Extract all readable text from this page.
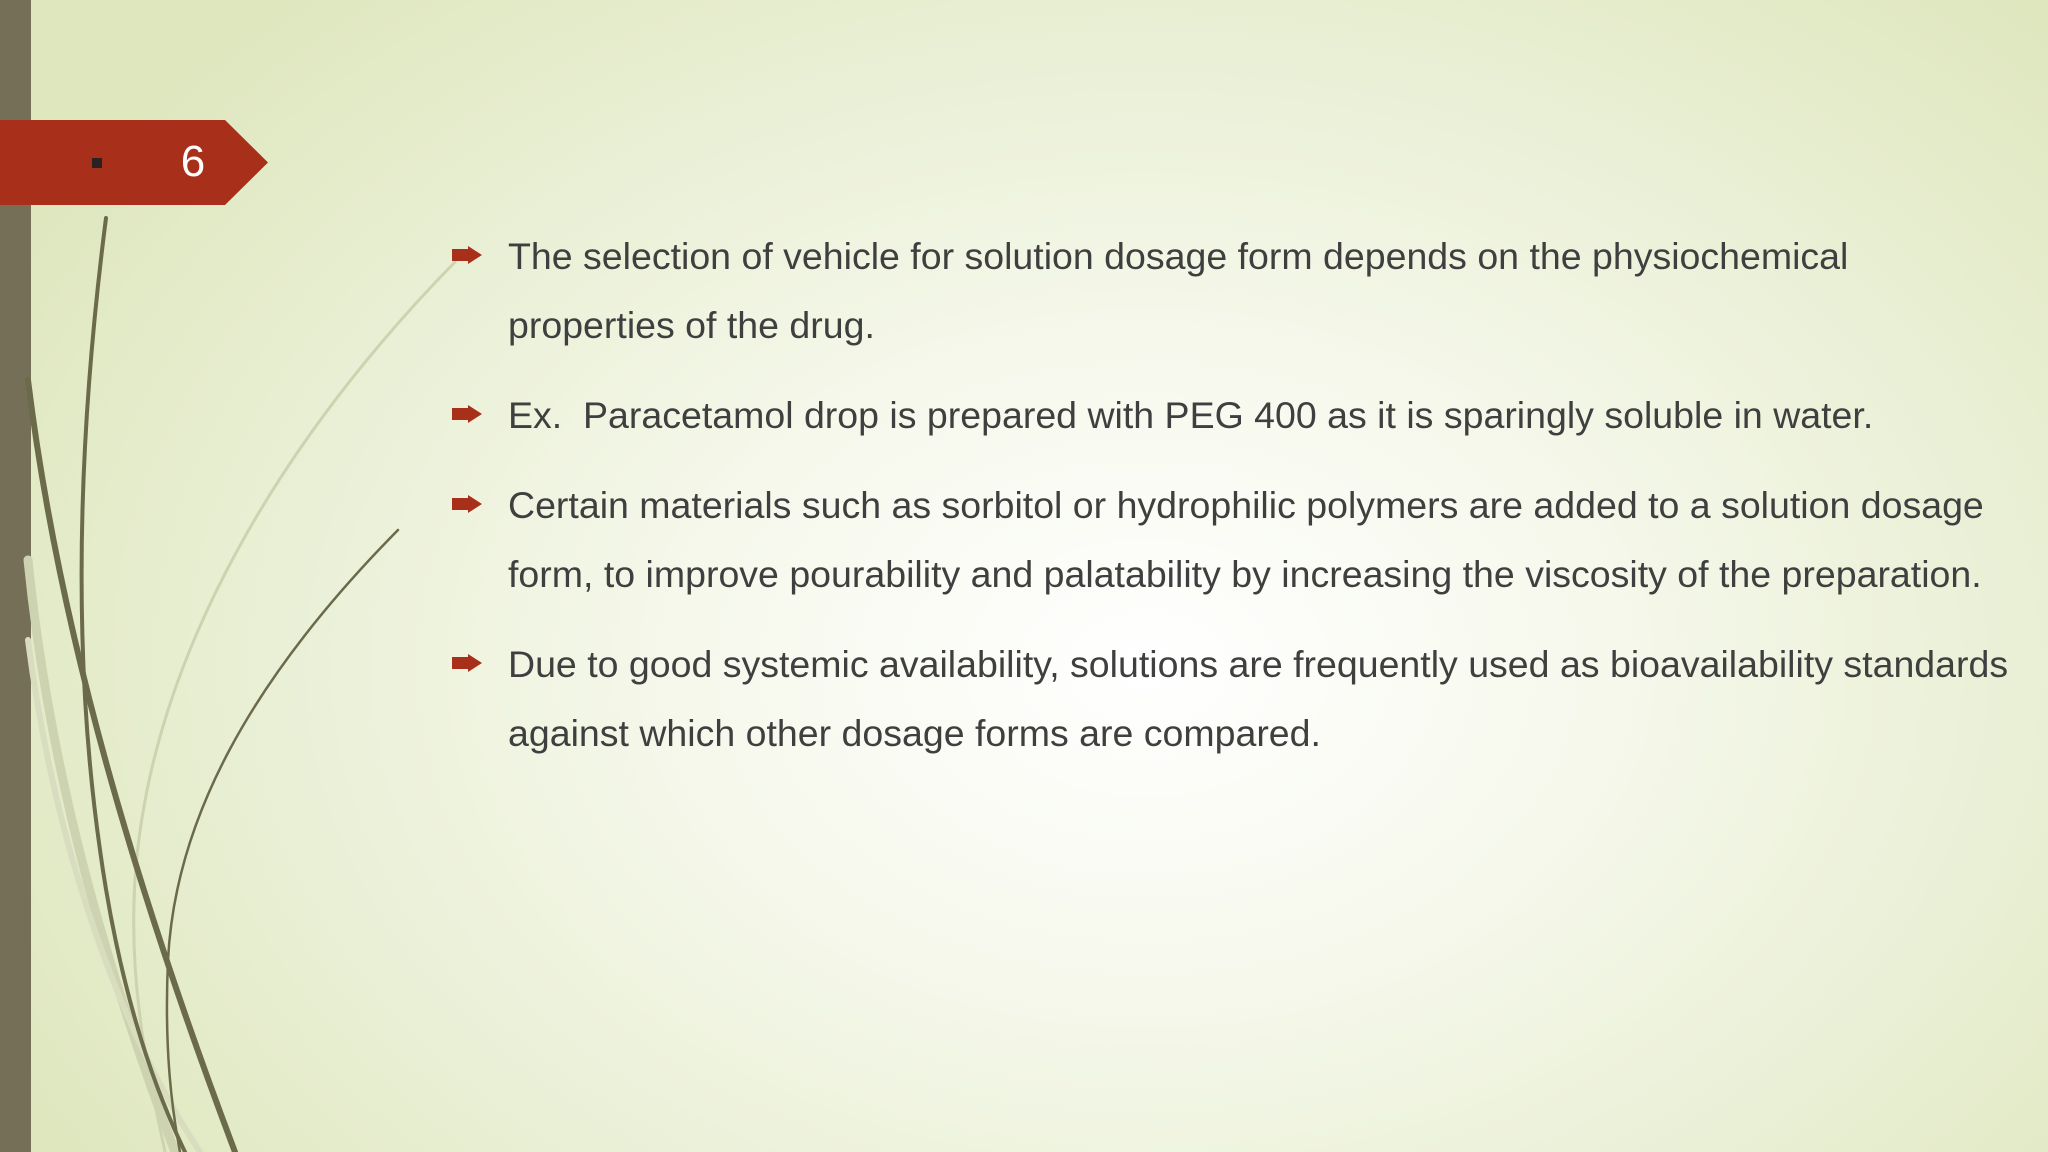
6
The selection of vehicle for solution dosage form depends on the physiochemical properties of the drug.
Ex.  Paracetamol drop is prepared with PEG 400 as it is sparingly soluble in water.
Certain materials such as sorbitol or hydrophilic polymers are added to a solution dosage form, to improve pourability and palatability by increasing the viscosity of the preparation.
Due to good systemic availability, solutions are frequently used as bioavailability standards against which other dosage forms are compared.
